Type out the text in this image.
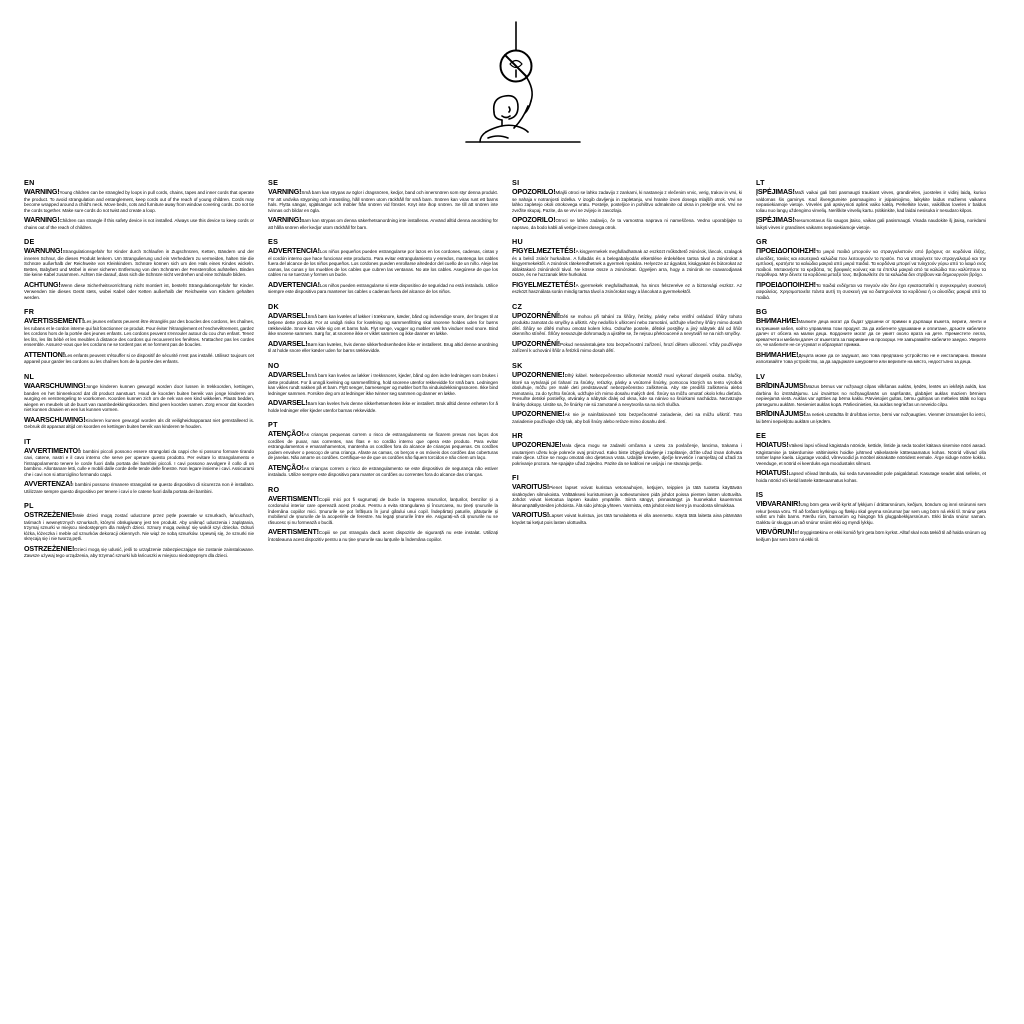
EN
WARNING!Young children can be strangled by loops in pull cords, chains, tapes and inner cords that operate the product. To avoid strangulation and entanglement, keep cords out of the reach of young children. Cords may become wrapped around a child's neck. Move beds, cots and furniture away from window covering cords. Do not tie the cords together. Make sure cords do not twist and create a loop.
WARNING!Children can strangle if this safety device is not installed. Always use this device to keep cords or chains out of the reach of children.
DE
WARNUNG!Strangulationsgefahr für Kinder durch Schlaufen in Zugschnüren, Ketten, Bändern und der inneren Schnur, die dieses Produkt lenkern. Um Strangulierung und ein Verheddern zu vermeiden, halten Sie die Schnüre außerhalb der Reichweite von Kleinkindern. Schnüre können sich um den Hals eines Kindes wickeln. Betten, Babybett und Möbel in einer sicheren Entfernung von den Schnüren der Fensterrollos aufstellen. Binden Sie keine Kabel zusammen. Achten Sie darauf, dass sich die Schnüre nicht verdrehen und eine Schlaufe bilden.
ACHTUNG!Wenn diese Sicherheitsvorrichtung nicht montiert ist, besteht Strangulationsgefahr für Kinder. Verwenden Sie dieses Gerät stets, wobei Kabel oder Ketten außerhalb der Reichweite von Kindern gehalten werden.
FR
AVERTISSEMENT!Les jeunes enfants peuvent être étranglés par des boucles des cordons, les chaînes, les rubans et le cordon interne qui fait fonctionner ce produit. Pour éviter l'étranglement et l'enchevêtrement, gardez les cordons hors de la portée des jeunes enfants. Les cordons peuvent s'enrouler autour du cou d'un enfant. Tenez les lits, les lits bébé et les meubles à distance des cordons qui recouvrent les fenêtres. N'attachez pas les cordes ensemble. Assurez-vous que les cordons ne se tordent pas et ne forment pas de boucles.
ATTENTION!Les enfants peuvent s'étouffer si ce dispositif de sécurité n'est pas installé. Utilisez toujours cet appareil pour garder les cordons ou les chaînes hors de la portée des enfants.
NL
WAARSCHUWING!Jonge kinderen kunnen gewurgd worden door lussen in trekkoorden, kettingen, banden en het binnenkoord dat dit product aanstuurt. Houd de koorden buiten bereik van jonge kinderen om wurging en verstrengeling te voorkomen. Koorden kunnen zich om de nek van een kind wikkelen. Plaats bedden, wiegen en meubels uit de buurt van raambedekkingskoorden. Bind geen koorden samen. Zorg ervoor dat koorden niet kunnen draaien en een lus kunnen vormen.
WAARSCHUWING!Kinderen kunnen gewurgd worden als dit veiligheidsapparaat niet geïnstalleerd is. Gebruik dit apparaat altijd om koorden en kettingen buiten bereik van kinderen te houden.
IT
AVVERTIMENTO!I bambini piccoli possono essere strangolati da cappi che si possono formare tirando cavi, catene, nastri e il cavo interno che serve per operare questo prodotto. Per evitare lo strangolamento e l'intrappolamento tenere le corde fuori dalla portata dei bambini piccoli. I cavi possono avvolgere il collo di un bambino. Allontanare letti, culle e mobili dalle corde delle tende delle finestre. Non legare insieme i cavi. Assicurarsi che i cavi non si attorciglino formando cappi.
AVVERTENZA!I bambini possono rimanere strangolati se questo dispositivo di sicurezza non è installato. Utilizzare sempre questo dispositivo per tenere i cavi o le catene fuori dalla portata dei bambini.
PL
OSTRZEŻENIE!Małe dzieci mogą zostać uduszone przez pętle powstałe w sznurkach, łańcuchach, taśmach i wewnętrznych sznurkach, którymi obsługiwany jest ten produkt. Aby uniknąć uduszenia i zaplątania, trzymaj sznurki w miejscu niedostępnym dla małych dzieci. Sznury mogą owinąć się wokół szyi dziecka. Odsuń łóżka, łóżeczka i meble od sznurków dekoracji okiennych. Nie wiąż ze sobą sznurków. Upewnij się, że sznurki nie skręcają się i nie tworzą pętli.
OSTRZEŻENIE!Dzieci mogą się udusić, jeśli to urządzenie zabezpieczające nie zostanie zainstalowane. Zawsze używaj tego urządzenia, aby trzymać sznurki lub łańcuszki w miejscu niedostępnym dla dzieci.
SE
VARNING!Små barn kan strypas av öglor i dragsnören, kedjor, band och innersnören som styr denna produkt. För att undvika strypning och intrassling, håll snören utom räckhåll för små barn. Snören kan viras runt ett barns hals. Flytta sängar, spjälsängar och möbler från snören vid fönster. Knyt inte ihop snören. Se till att snören inte tvinnas och bildar en ögla.
VARNING!Barn kan strypas om denna säkerhetsanordning inte installeras. Använd alltid denna anordning för att hålla snören eller kedjor utom räckhåll för barn.
ES
ADVERTENCIA!Los niños pequeños pueden estrangularse por lazos en los cordones, cadenas, cintas y el cordón interno que hace funcionar este producto. Para evitar estrangulamiento y enredos, mantenga los cables fuera del alcance de los niños pequeños. Los cordones pueden enrollarse alrededor del cuello de un niño. Aleje las camas, las cunas y los muebles de los cables que cubren las ventanas. No ate los cables. Asegúrese de que los cables no se tuerzan y formen un bucle.
ADVERTENCIA!Los niños pueden estrangularse si este dispositivo de seguridad no está instalado. Utilice siempre este dispositivo para mantener los cables o cadenas fuera del alcance de los niños.
DK
ADVARSEL!Små børn kan kvæles af løkker i træksnore, kæder, bånd og indvendige snore, der bruges til at betjene dette produkt. For at undgå risiko for kvælning og sammenfiltring skal snorene holdes uden for børns rækkevidde. Snore kan vikle sig om et barns hals. Flyt senge, vugger og møbler væk fra vinduer med snore. Bind ikke snorene sammen. Sørg for, at snorene ikke er viklet sammen og ikke danner en løkke.
ADVARSEL!Børn kan kvæles, hvis denne sikkerhedsenheden ikke er installeret. Brug altid denne anordning til at holde snore eller kæder uden for børns rækkevidde.
NO
ADVARSEL!Små barn kan kveles av løkker i trekksnorer, kjeder, bånd og den indre ledningen som brukes i dette produktet. For å unngå kvelning og sammenfiltring, hold snorene utenfor rekkevidde for små barn. Ledningen kan vikles rundt nakken på et barn. Flytt senger, barnesenger og møbler bort fra vinduisdekkningssnoren. Ikke bind ledninger sammen. Forsikre deg om at ledninger ikke tvinner seg sammen og danner en løkke.
ADVARSEL!Barn kan kveles hvis denne sikkerhetsenheten ikke er installert. Bruk alltid denne enheten for å holde ledninger eller kjeder utenfor barnas rekkevidde.
PT
ATENÇÃO!As crianças pequenas correm o risco de estrangulamento se ficarem presas nos laços dos cordões de puxar, nas correntes, nas fitas e no cordão interno que opera este produto. Para evitar estrangulamentos e emaranhamentos, mantenha os cordões fora do alcance de crianças pequenas. Os cordões podem envolver o pescoço de uma criança. Afaste as camas, os berços e os móveis dos cordões das coberturas de janelas. Não amarre os cordões. Certifique-se de que os cordões não fiquem torcidos e não criem um laço.
ATENÇÃO!As crianças correm o risco de estrangulamento se este dispositivo de segurança não estiver instalado. Utilize sempre este dispositivo para manter os cordões ou correntes fora do alcance das crianças.
RO
AVERTISMENT!Copiii mici pot fi sugrumați de bucle la tragerea snururilor, lanțurilor, benzilor și a cordonului interior care operează acest produs. Pentru a evita strangularea și încurcarea, nu țineți șnururile la îndemâna copiilor mici. Șnururile se pot înfășura în jurul gâtului unui copil. Îndepărtați paturile, pătuțurile și mobilierul de șnururile de la acoperirile de ferestre. Nu legați șnururile între ele. Asigurați-vă că șnururile nu se răsucesc și nu formează o buclă.
AVERTISMENT!Copiii se pot strangula dacă acest dispozitiv de siguranță nu este instalat. Utilizați întotdeauna acest dispozitiv pentru a nu ține șnururile sau lanțurile la îndemâna copiilor.
SI
OPOZORILO!Mlajši otroci se lahko zadavijo z zankami, ki nastanejo z vlečenim vrvic, verig, trakov in vrvi, ki se nahaja v notranjosti izdelka. V izogib davljenju in zapletanju, vrvi hranite izven dosega mlajših otrok. Vrvi se lahko zapletejo okoli otrokovega vratu. Postelje, posteljice in pohištvo odmaknite od okna in prekrijte vrvi. Vrvi ne zvežite skupaj. Pazite, da se vrvi ne zvijejo in zavozlajo.
OPOZORILO!Otroci se lahko zadavijo, če ta varnostna naprava ni nameščena. Vedno uporabljajte to napravo, da bodo kabli ali verige izven dosega otrok.
HU
FIGYELMEZTETÉS!A kisgyermekek megfulladhatnak az eszközt működtető zsinórok, láncok, szalagok és a belső zsinór hurkaiban. A fulladás és a belegabalyodás elkerülése érdekében tartsa távol a zsinórokat a kisgyermekektől. A zsinórok rátekeredhetnek a gyermek nyakára. Helyezze az ágyakat, kiságyakat és bútorokat az ablaktakaró zsinórokról távol. Ne kösse össze a zsinórokat. Ügyeljen arra, hogy a zsinórok ne csavarodjanak össze, és ne hozzanak létre hurkokat.
FIGYELMEZTETÉS!A gyermekek megfulladhatnak, ha nincs felszerelve ez a biztonsági eszköz. Az eszközt használata során mindig tartsa távol a zsinórokat vagy a láncokat a gyermekektől.
CZ
UPOZORNĚNÍ!Děti se mohou při tahání za šňůry, řetízky, pásky nebo vnitřní ovládací šňůry tohoto produktu zamotat do smyčky a uškrtit. Aby nedošlo k uškrcení nebo zamotání, udržujte všechny šňůry mimo dosah dětí. Šňůry se dítěti mohou omotat kolem krku. Odsuňte postele, dětské postýlky a jiný nábytek dál od šňůr okenního stínění. Šňůry nesvazujte dohromady a ujistěte se, že nejsou překroucené a nevytváří se na nich smyčky.
UPOZORNĚNÍ!Pokud nenainstalujete toto bezpečnostní zařízení, hrozí dětem uškrcení. Vždy používejte zařízení k uchování šňůr a řetízků mimo dosah dětí.
SK
UPOZORNENIE!Dlhý kábel. Nebezpečenstvo uškrtenia! Montáž musí vykonať dospelá osoba. Slučky, ktoré sa vytvárajú pri ťahaní za šnúrky, reťazky, pásky a vnútorné šnúrky, pomocou ktorých sa tento výrobok obsluhuje, môžu pre malé deti predstavovať nebezpečenstvo zaškrtenia. Aby ste predišli zaškrteniu alebo zamotaniu, za do tychto šnúrok, udržujte ich mimo dosahu malých detí. Šnúry sa môžu omotať okolo krku dieťaťa. Presuňte detské postieľky, otváraky a nábytok ďalej od okna, kde sa nánivo so šnúrkami nachádza. Nezväzujte šnúrky dokopy. Uistite sa, že šnúrky nie sú zamotané a nevytvorila sa na nich slučka.
UPOZORNENIE!Ak nie je nainštalované toto bezpečnostné zariadenie, deti sa môžu uškrtiť. Toto zariadenie používajte vždy tak, aby boli šnúry alebo reťaze mimo dosahu detí.
HR
UPOZORENJE!Mala djeca mogu se zadaviti omčama u uzetu za povlačenje, lancima, trakama i unutarnjem užetu koje pokreće ovaj proizvod. Kako biste izbjegli davljenje i zaplitanje, držite užad izvan dohvata male djece. Užice se mogu omotati oko djetetova vrata. Udaljite krevete, dječje krevetiće i namještaj od užadi za pokrivanje prozora. Ne spajajte užad zajedno. Pazite da se kablovi ne uvijaju i ne stvaraju petlju.
FI
VAROITUS!Pienet lapset voivat kuristua vetonauhojen, ketjujen, teippien ja tätä tuotetta käyttävän sisäköyden silmukoista. Vältääksesi kuristumisen ja sotkeutumisen pidä johdot poissa pienten lasten ulottuvilta. Johdot voivat kietoutua lapsen kaulan ympärille. Siirrä sängyt, pinnasängyt ja huonekalut kauemmas ikkunanpäällysteiden johdoista. Älä sido johtoja yhteen. Varmista, että johdot eivät kierry ja muodosta silmukkaa.
VAROITUS!Lapset voivat kuristua, jos tätä turvalaitetta ei olla asennettu. Käytä tätä laitetta aina pitämään köydet tai ketjut pois lasten ulottuvilta.
LT
ĮSPĖJIMAS!Maži vaikai gali būti pasmaugti traukiant virves, grandinėles, juosteles ir vidinį laidą, kuriuo valdomas šis gaminys. Kad išvengtumėte pasmaugimo ir įsipainiojimo, laikykite laidus mažiems vaikams nepasiekiamoje vietoje. Virvelės gali apsivynioti aplink vaiko kaklą. Perkelkite lovas, vaikiškas loveles ir baldus toliau nuo langų uždengimo virvelių. Neriškite virvelių kartu. Įsitikinkite, kad laidai nesisuka ir nesudaro kilpos.
ĮSPĖJIMAS!Nesumontavus šio saugos įtaiso, vaikas gali pasismaugti. Visada naudokite šį įtaisą, norėdami laikyti virves ir grandines vaikams nepasiekiamoje vietoje.
GR
ΠΡΟΕΙΔΟΠΟΙΗΣΗ!Τα μικρά παιδιά μπορούν να στραγγαλιστούν από βρόχους σε κορδόνια έλξης, αλυσίδες, ταινίες και εσωτερικά καλώδια που λειτουργούν το προϊόν. Για να αποφύγετε τον στραγγαλισμό και την εμπλοκή, κρατήστε τα καλώδια μακριά από μικρά παιδιά. Τα κορδόνια μπορεί να τυλιχτούν γύρω από το λαιμό ενός παιδιού. Μετακινήστε τα κρεβάτια, τις βρεφικές κούνιες και τα έπιπλα μακριά από τα καλώδια που καλύπτουν τα παράθυρα. Μην δένετε τα κορδόνια μεταξύ τους. Βεβαιωθείτε ότι τα καλώδια δεν στρίβουν και δημιουργούν βρόχο.
ΠΡΟΕΙΔΟΠΟΙΗΣΗ!Τα παιδιά ενδέχεται να πνιγούν εάν δεν έχει εγκατασταθεί η συγκεκριμένη συσκευή ασφαλείας. Χρησιμοποιείτε πάντα αυτή τη συσκευή για να διατηρούνται τα κορδόνια ή οι αλυσίδες μακριά από τα παιδιά.
BG
ВНИМАНИЕ!Малките деца могат да бъдат удушени от примки в дърпащи въжета, вериги, ленти и вътрешния кабел, който управлява този продукт. За да избегнете удушаване и оплитане, дръжте кабелите далеч от обсега на малки деца. Кордоните могат да се увият около врата на дете. Преместете легла, креватчета и мебели далеч от въжетата за покриване на прозорци. Не завързвайте кабелите заедно. Уверете се, че кабелите не се усукват и образуват примка.
ВНИМАНИЕ!Децата може да се задушат, ако това предпазно устройство не е инсталирано. Винаги използвайте това устройство, за да задържате шнуровете или веригите на място, недостъпно за деца.
LV
BRĪDINĀJUMS!Mazus bērnus var nožņaugt cilpas vilkšanas auklās, ķēdēs, lentēs un iekšējā auklā, kas darbina šo izstrādājumu. Lai izvairītos no nožņaugšanās un sapīšanās, glabājiet auklas maziem bērniem nepieejamā vietā. Auklas var aptīties ap bērna kaklu. Pārvietojiet gultas, bērnu gultiņas un mēbeles tālāk no logu pārsegumu auklām. Nesieniet auklas kopā. Pārliecinieties, ka auklas negriežas un neveido cilpu.
BRĪDINĀJUMS!Ja netiek uzstādīta šī drošības ierīce, bērni var nožņaugties. Vienmēr izmantojiet šo ierīci, lai bērni nepiekļūtu auklām un ķēdēm.
EE
HOIATUS!Väikesi lapsi võivad kägistada nööride, kettide, lintide ja seda toodet käitava sisemise nööri aasad. Kägistamise ja takerdumise vältimiseks hoidke juhtmed väikelastele kättesaamatus kohas. Nöörid võivad olla ümber lapse kaela. Liigutage voodid, võrevoodid ja mööbel aknakatte nööridest eemale. Ärge siduge nööre kokku. Veenduge, et nöörid ei keerduks ega moodustaks silmust.
HOIATUS!Lapsed võivad lämbuda, kui seda turvaseadist pole paigaldatud. Kasutage seadet alati selleks, et hoida nöörid või ketid lastele kättesaamatus kohas.
IS
VIÐVARANIR!Ung börn geta verið kyrkt af lykkjum í dráttarsnúrum, keðjum, böndum og innri snúrunni sem rekur þessa vöru. Til að forðast kyrkingu og flækju skal geyma snúrurnar þar sem ung börn ná ekki til. Snúrur geta vafist um háls barns. Færðu rúm, barnarúm og húsgögn frá gluggabekkjarsnúrum. Ekki binda snúrur saman. Gakktu úr skugga um að snúrur snúist ekki og myndi lykkju.
VIÐVÖRUN!Ef öryggistækinu er ekki komið fyrir geta börn kyrkst. Alltaf skal nota tækið til að halda snúrum og keðjum þar sem börn ná ekki til.
